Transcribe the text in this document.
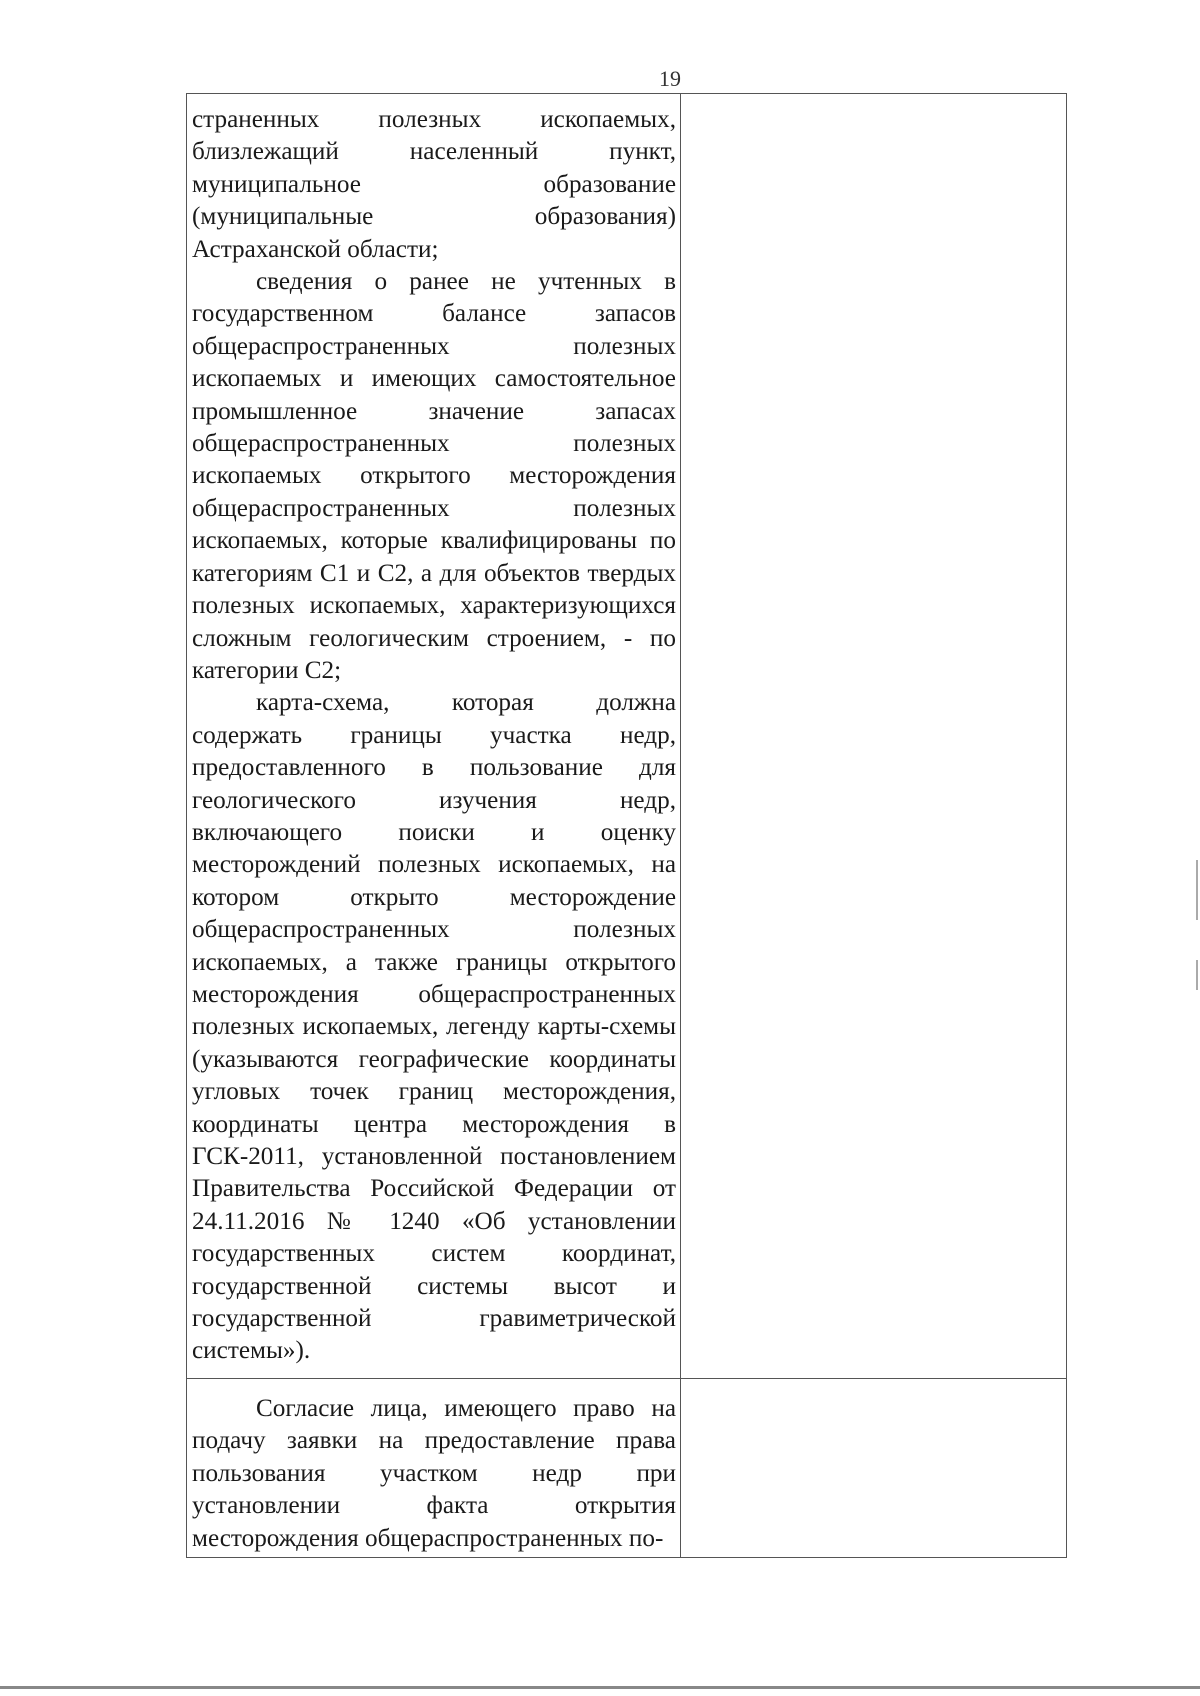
19

страненных полезных ископаемых, близлежащий населенный пункт, муниципальное образование (муниципальные образования) Астраханской области;

сведения о ранее не учтенных в государственном балансе запасов общераспространенных полезных ископаемых и имеющих самостоятельное промышленное значение запасах общераспространенных полезных ископаемых открытого месторождения общераспространенных полезных ископаемых, которые квалифицированы по категориям С1 и С2, а для объектов твердых полезных ископаемых, характеризующихся сложным геологическим строением, - по категории С2;

карта-схема, которая должна содержать границы участка недр, предоставленного в пользование для геологического изучения недр, включающего поиски и оценку месторождений полезных ископаемых, на котором открыто месторождение общераспространенных полезных ископаемых, а также границы открытого месторождения общераспространенных полезных ископаемых, легенду карты-схемы (указываются географические координаты угловых точек границ месторождения, координаты центра месторождения в ГСК-2011, установленной постановлением Правительства Российской Федерации от 24.11.2016 № 1240 «Об установлении государственных систем координат, государственной системы высот и государственной гравиметрической системы»).	

Согласие лица, имеющего право на подачу заявки на предоставление права пользования участком недр при установлении факта открытия месторождения общераспространенных по-	
